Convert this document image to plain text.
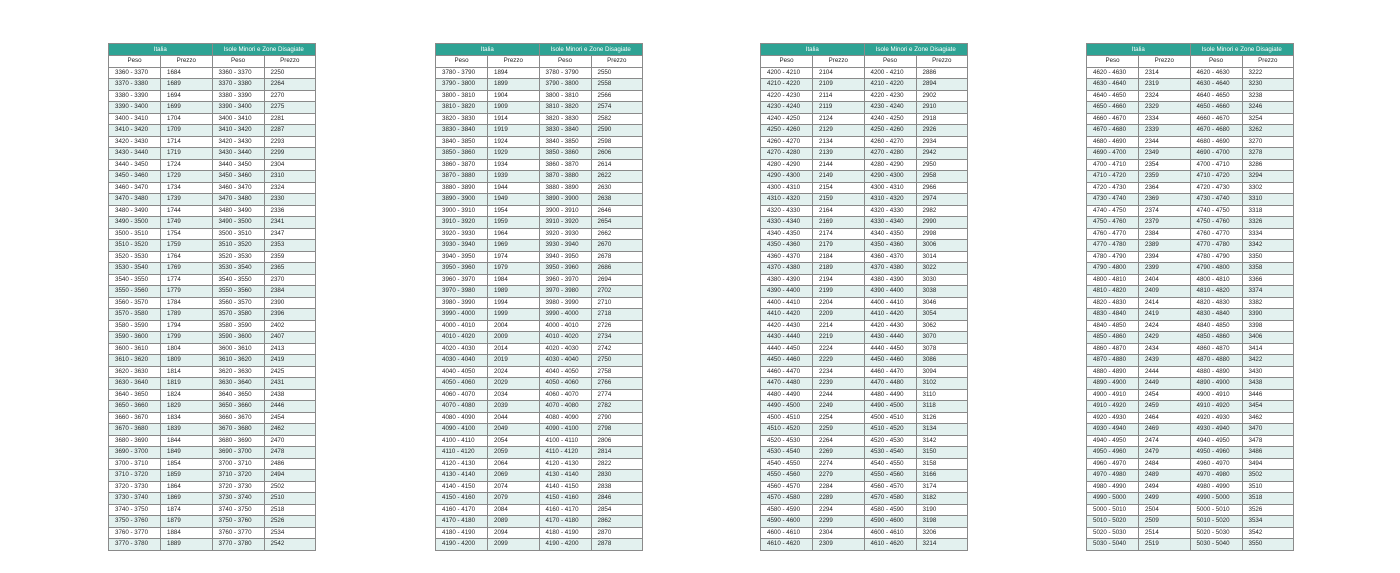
Italia		Isole Minori e Zone Disagiate	
Peso	Prezzo	Peso	Prezzo
3360 - 3370	1684	3360 - 3370	2250
3370 - 3380	1689	3370 - 3380	2264
3380 - 3390	1694	3380 - 3390	2270
3390 - 3400	1699	3390 - 3400	2275
3400 - 3410	1704	3400 - 3410	2281
3410 - 3420	1709	3410 - 3420	2287
3420 - 3430	1714	3420 - 3430	2293
3430 - 3440	1719	3430 - 3440	2299
3440 - 3450	1724	3440 - 3450	2304
3450 - 3460	1729	3450 - 3460	2310
3460 - 3470	1734	3460 - 3470	2324
3470 - 3480	1739	3470 - 3480	2330
3480 - 3490	1744	3480 - 3490	2336
3490 - 3500	1749	3490 - 3500	2341
3500 - 3510	1754	3500 - 3510	2347
3510 - 3520	1759	3510 - 3520	2353
3520 - 3530	1764	3520 - 3530	2359
3530 - 3540	1769	3530 - 3540	2365
3540 - 3550	1774	3540 - 3550	2370
3550 - 3560	1779	3550 - 3560	2384
3560 - 3570	1784	3560 - 3570	2390
3570 - 3580	1789	3570 - 3580	2396
3580 - 3590	1794	3580 - 3590	2402
3590 - 3600	1799	3590 - 3600	2407
3600 - 3610	1804	3600 - 3610	2413
3610 - 3620	1809	3610 - 3620	2419
3620 - 3630	1814	3620 - 3630	2425
3630 - 3640	1819	3630 - 3640	2431
3640 - 3650	1824	3640 - 3650	2438
3650 - 3660	1829	3650 - 3660	2446
3660 - 3670	1834	3660 - 3670	2454
3670 - 3680	1839	3670 - 3680	2462
3680 - 3690	1844	3680 - 3690	2470
3690 - 3700	1849	3690 - 3700	2478
3700 - 3710	1854	3700 - 3710	2486
3710 - 3720	1859	3710 - 3720	2494
3720 - 3730	1864	3720 - 3730	2502
3730 - 3740	1869	3730 - 3740	2510
3740 - 3750	1874	3740 - 3750	2518
3750 - 3760	1879	3750 - 3760	2526
3760 - 3770	1884	3760 - 3770	2534
3770 - 3780	1889	3770 - 3780	2542
Italia		Isole Minori e Zone Disagiate	
Peso	Prezzo	Peso	Prezzo
3780 - 3790	1894	3780 - 3790	2550
3790 - 3800	1899	3790 - 3800	2558
3800 - 3810	1904	3800 - 3810	2566
3810 - 3820	1909	3810 - 3820	2574
3820 - 3830	1914	3820 - 3830	2582
3830 - 3840	1919	3830 - 3840	2590
3840 - 3850	1924	3840 - 3850	2598
3850 - 3860	1929	3850 - 3860	2606
3860 - 3870	1934	3860 - 3870	2614
3870 - 3880	1939	3870 - 3880	2622
3880 - 3890	1944	3880 - 3890	2630
3890 - 3900	1949	3890 - 3900	2638
3900 - 3910	1954	3900 - 3910	2646
3910 - 3920	1959	3910 - 3920	2654
3920 - 3930	1964	3920 - 3930	2662
3930 - 3940	1969	3930 - 3940	2670
3940 - 3950	1974	3940 - 3950	2678
3950 - 3960	1979	3950 - 3960	2686
3960 - 3970	1984	3960 - 3970	2694
3970 - 3980	1989	3970 - 3980	2702
3980 - 3990	1994	3980 - 3990	2710
3990 - 4000	1999	3990 - 4000	2718
4000 - 4010	2004	4000 - 4010	2726
4010 - 4020	2009	4010 - 4020	2734
4020 - 4030	2014	4020 - 4030	2742
4030 - 4040	2019	4030 - 4040	2750
4040 - 4050	2024	4040 - 4050	2758
4050 - 4060	2029	4050 - 4060	2766
4060 - 4070	2034	4060 - 4070	2774
4070 - 4080	2039	4070 - 4080	2782
4080 - 4090	2044	4080 - 4090	2790
4090 - 4100	2049	4090 - 4100	2798
4100 - 4110	2054	4100 - 4110	2806
4110 - 4120	2059	4110 - 4120	2814
4120 - 4130	2064	4120 - 4130	2822
4130 - 4140	2069	4130 - 4140	2830
4140 - 4150	2074	4140 - 4150	2838
4150 - 4160	2079	4150 - 4160	2846
4160 - 4170	2084	4160 - 4170	2854
4170 - 4180	2089	4170 - 4180	2862
4180 - 4190	2094	4180 - 4190	2870
4190 - 4200	2099	4190 - 4200	2878
Italia		Isole Minori e Zone Disagiate	
Peso	Prezzo	Peso	Prezzo
4200 - 4210	2104	4200 - 4210	2886
4210 - 4220	2109	4210 - 4220	2894
4220 - 4230	2114	4220 - 4230	2902
4230 - 4240	2119	4230 - 4240	2910
4240 - 4250	2124	4240 - 4250	2918
4250 - 4260	2129	4250 - 4260	2926
4260 - 4270	2134	4260 - 4270	2934
4270 - 4280	2139	4270 - 4280	2942
4280 - 4290	2144	4280 - 4290	2950
4290 - 4300	2149	4290 - 4300	2958
4300 - 4310	2154	4300 - 4310	2966
4310 - 4320	2159	4310 - 4320	2974
4320 - 4330	2164	4320 - 4330	2982
4330 - 4340	2169	4330 - 4340	2990
4340 - 4350	2174	4340 - 4350	2998
4350 - 4360	2179	4350 - 4360	3006
4360 - 4370	2184	4360 - 4370	3014
4370 - 4380	2189	4370 - 4380	3022
4380 - 4390	2194	4380 - 4390	3030
4390 - 4400	2199	4390 - 4400	3038
4400 - 4410	2204	4400 - 4410	3046
4410 - 4420	2209	4410 - 4420	3054
4420 - 4430	2214	4420 - 4430	3062
4430 - 4440	2219	4430 - 4440	3070
4440 - 4450	2224	4440 - 4450	3078
4450 - 4460	2229	4450 - 4460	3086
4460 - 4470	2234	4460 - 4470	3094
4470 - 4480	2239	4470 - 4480	3102
4480 - 4490	2244	4480 - 4490	3110
4490 - 4500	2249	4490 - 4500	3118
4500 - 4510	2254	4500 - 4510	3126
4510 - 4520	2259	4510 - 4520	3134
4520 - 4530	2264	4520 - 4530	3142
4530 - 4540	2269	4530 - 4540	3150
4540 - 4550	2274	4540 - 4550	3158
4550 - 4560	2279	4550 - 4560	3166
4560 - 4570	2284	4560 - 4570	3174
4570 - 4580	2289	4570 - 4580	3182
4580 - 4590	2294	4580 - 4590	3190
4590 - 4600	2299	4590 - 4600	3198
4600 - 4610	2304	4600 - 4610	3206
4610 - 4620	2309	4610 - 4620	3214
Italia		Isole Minori e Zone Disagiate	
Peso	Prezzo	Peso	Prezzo
4620 - 4630	2314	4620 - 4630	3222
4630 - 4640	2319	4630 - 4640	3230
4640 - 4650	2324	4640 - 4650	3238
4650 - 4660	2329	4650 - 4660	3246
4660 - 4670	2334	4660 - 4670	3254
4670 - 4680	2339	4670 - 4680	3262
4680 - 4690	2344	4680 - 4690	3270
4690 - 4700	2349	4690 - 4700	3278
4700 - 4710	2354	4700 - 4710	3286
4710 - 4720	2359	4710 - 4720	3294
4720 - 4730	2364	4720 - 4730	3302
4730 - 4740	2369	4730 - 4740	3310
4740 - 4750	2374	4740 - 4750	3318
4750 - 4760	2379	4750 - 4760	3326
4760 - 4770	2384	4760 - 4770	3334
4770 - 4780	2389	4770 - 4780	3342
4780 - 4790	2394	4780 - 4790	3350
4790 - 4800	2399	4790 - 4800	3358
4800 - 4810	2404	4800 - 4810	3366
4810 - 4820	2409	4810 - 4820	3374
4820 - 4830	2414	4820 - 4830	3382
4830 - 4840	2419	4830 - 4840	3390
4840 - 4850	2424	4840 - 4850	3398
4850 - 4860	2429	4850 - 4860	3406
4860 - 4870	2434	4860 - 4870	3414
4870 - 4880	2439	4870 - 4880	3422
4880 - 4890	2444	4880 - 4890	3430
4890 - 4900	2449	4890 - 4900	3438
4900 - 4910	2454	4900 - 4910	3446
4910 - 4920	2459	4910 - 4920	3454
4920 - 4930	2464	4920 - 4930	3462
4930 - 4940	2469	4930 - 4940	3470
4940 - 4950	2474	4940 - 4950	3478
4950 - 4960	2479	4950 - 4960	3486
4960 - 4970	2484	4960 - 4970	3494
4970 - 4980	2489	4970 - 4980	3502
4980 - 4990	2494	4980 - 4990	3510
4990 - 5000	2499	4990 - 5000	3518
5000 - 5010	2504	5000 - 5010	3526
5010 - 5020	2509	5010 - 5020	3534
5020 - 5030	2514	5020 - 5030	3542
5030 - 5040	2519	5030 - 5040	3550
